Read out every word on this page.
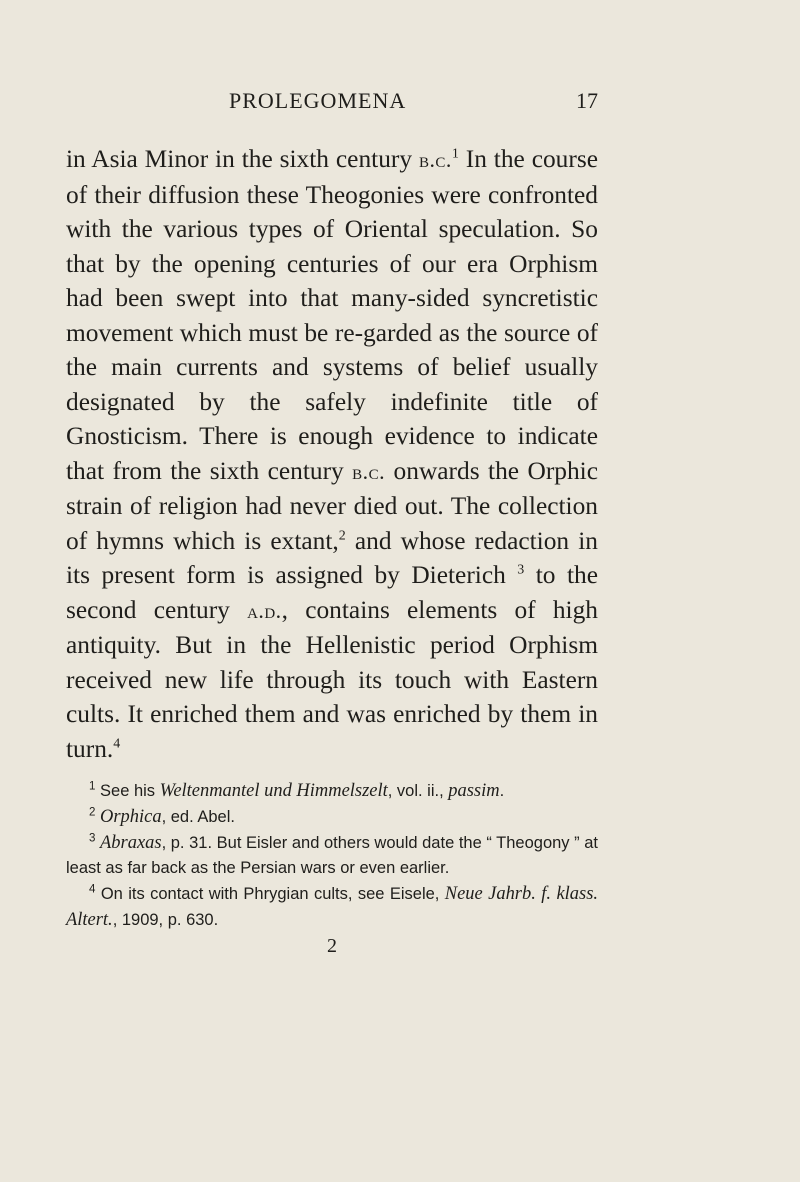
PROLEGOMENA	17

in Asia Minor in the sixth century b.c.$^1$ In the course of their diffusion these Theogonies were confronted with the various types of Oriental speculation. So that by the opening centuries of our era Orphism had been swept into that many-sided syncretistic movement which must be re-garded as the source of the main currents and systems of belief usually designated by the safely indefinite title of Gnosticism. There is enough evidence to indicate that from the sixth century b.c. onwards the Orphic strain of religion had never died out. The collection of hymns which is extant,$^2$ and whose redaction in its present form is assigned by Dieterich $^3$ to the second century a.d., contains elements of high antiquity. But in the Hellenistic period Orphism received new life through its touch with Eastern cults. It enriched them and was enriched by them in turn.$^4$

$^1$ See his Weltenmantel und Himmelszelt, vol. ii., passim.

$^2$ Orphica, ed. Abel.

$^3$ Abraxas, p. 31. But Eisler and others would date the “ Theogony ” at least as far back as the Persian wars or even earlier.

$^4$ On its contact with Phrygian cults, see Eisele, Neue Jahrb. f. klass. Altert., 1909, p. 630.

2
